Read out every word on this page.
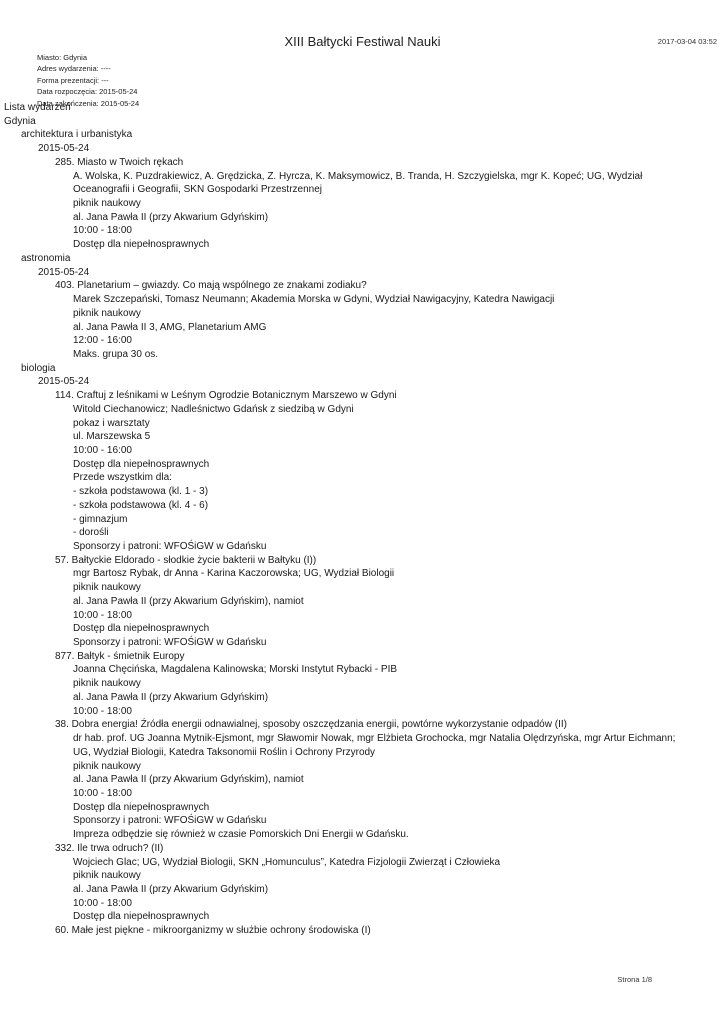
XIII Bałtycki Festiwal Nauki	2017-03-04 03:52
Miasto: Gdynia
Adres wydarzenia: ----
Forma prezentacji: ---
Data rozpoczęcia: 2015-05-24
Data zakończenia: 2015-05-24
Lista wydarzeń
Gdynia
architektura i urbanistyka
2015-05-24
285. Miasto w Twoich rękach
A. Wolska, K. Puzdrakiewicz, A. Grędzicka, Z. Hyrcza, K. Maksymowicz, B. Tranda, H. Szczygielska, mgr K. Kopeć; UG, Wydział Oceanografii i Geografii, SKN Gospodarki Przestrzennej
piknik naukowy
al. Jana Pawła II (przy Akwarium Gdyńskim)
10:00 - 18:00
Dostęp dla niepełnosprawnych
astronomia
2015-05-24
403. Planetarium – gwiazdy. Co mają wspólnego ze znakami zodiaku?
Marek Szczepański, Tomasz Neumann; Akademia Morska w Gdyni, Wydział Nawigacyjny, Katedra Nawigacji
piknik naukowy
al. Jana Pawła II 3, AMG, Planetarium AMG
12:00 - 16:00
Maks. grupa 30 os.
biologia
2015-05-24
114. Craftuj z leśnikami w Leśnym Ogrodzie Botanicznym Marszewo w Gdyni
Witold Ciechanowicz; Nadleśnictwo Gdańsk z siedzibą w Gdyni
pokaz i warsztaty
ul. Marszewska 5
10:00 - 16:00
Dostęp dla niepełnosprawnych
Przede wszystkim dla:
- szkoła podstawowa (kl. 1 - 3)
- szkoła podstawowa (kl. 4 - 6)
- gimnazjum
- dorośli
Sponsorzy i patroni: WFOŚiGW w Gdańsku
57. Bałtyckie Eldorado - słodkie życie bakterii w Bałtyku (I))
mgr Bartosz Rybak, dr Anna - Karina Kaczorowska; UG, Wydział Biologii
piknik naukowy
al. Jana Pawła II (przy Akwarium Gdyńskim), namiot
10:00 - 18:00
Dostęp dla niepełnosprawnych
Sponsorzy i patroni: WFOŚiGW w Gdańsku
877. Bałtyk - śmietnik Europy
Joanna Chęcińska, Magdalena Kalinowska; Morski Instytut Rybacki - PIB
piknik naukowy
al. Jana Pawła II (przy Akwarium Gdyńskim)
10:00 - 18:00
38. Dobra energia! Źródła energii odnawialnej, sposoby oszczędzania energii, powtórne wykorzystanie odpadów (II)
dr hab. prof. UG Joanna Mytnik-Ejsmont, mgr Sławomir Nowak, mgr Elżbieta Grochocka, mgr Natalia Olędrzyńska, mgr Artur Eichmann; UG, Wydział Biologii, Katedra Taksonomii Roślin i Ochrony Przyrody
piknik naukowy
al. Jana Pawła II (przy Akwarium Gdyńskim), namiot
10:00 - 18:00
Dostęp dla niepełnosprawnych
Sponsorzy i patroni: WFOŚiGW w Gdańsku
Impreza odbędzie się również w czasie Pomorskich Dni Energii w Gdańsku.
332. Ile trwa odruch? (II)
Wojciech Glac; UG, Wydział Biologii, SKN „Homunculus”, Katedra Fizjologii Zwierząt i Człowieka
piknik naukowy
al. Jana Pawła II (przy Akwarium Gdyńskim)
10:00 - 18:00
Dostęp dla niepełnosprawnych
60. Małe jest piękne - mikroorganizmy w służbie ochrony środowiska (I)
Strona 1/8
